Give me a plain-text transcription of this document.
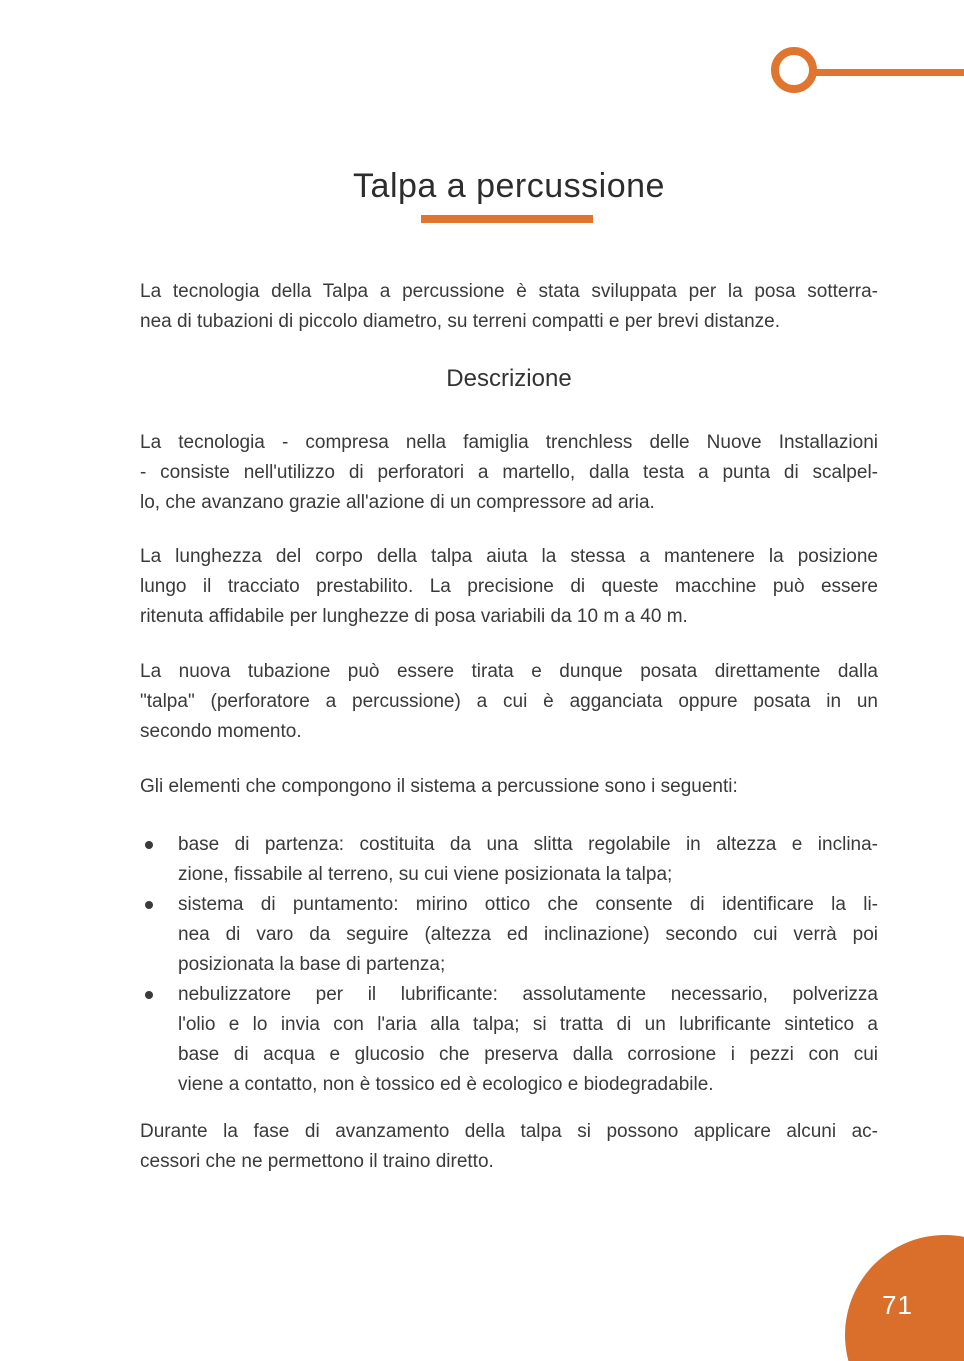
Talpa a percussione
La tecnologia della Talpa a percussione è stata sviluppata per la posa sotterra-
nea di tubazioni di piccolo diametro, su terreni compatti e per brevi distanze.
Descrizione
La tecnologia - compresa nella famiglia trenchless delle Nuove Installazioni
- consiste nell'utilizzo di perforatori a martello, dalla testa a punta di scalpel-
lo, che avanzano grazie all'azione di un compressore ad aria.
La lunghezza del corpo della talpa aiuta la stessa a mantenere la posizione
lungo il tracciato prestabilito. La precisione di queste macchine può essere
ritenuta affidabile per lunghezze di posa variabili da 10 m a 40 m.
La nuova tubazione può essere tirata e dunque posata direttamente dalla
"talpa" (perforatore a percussione) a cui è agganciata oppure posata in un
secondo momento.
Gli elementi che compongono il sistema a percussione sono i seguenti:
base di partenza: costituita da una slitta regolabile in altezza e inclina-
zione, fissabile al terreno, su cui viene posizionata la talpa;
sistema di puntamento: mirino ottico che consente di identificare la li-
nea di varo da seguire (altezza ed inclinazione) secondo cui verrà poi
posizionata la base di partenza;
nebulizzatore per il lubrificante: assolutamente necessario, polverizza
l'olio e lo invia con l'aria alla talpa; si tratta di un lubrificante sintetico a
base di acqua e glucosio che preserva dalla corrosione i pezzi con cui
viene a contatto, non è tossico ed è ecologico e biodegradabile.
Durante la fase di avanzamento della talpa si possono applicare alcuni ac-
cessori che ne permettono il traino diretto.
71
